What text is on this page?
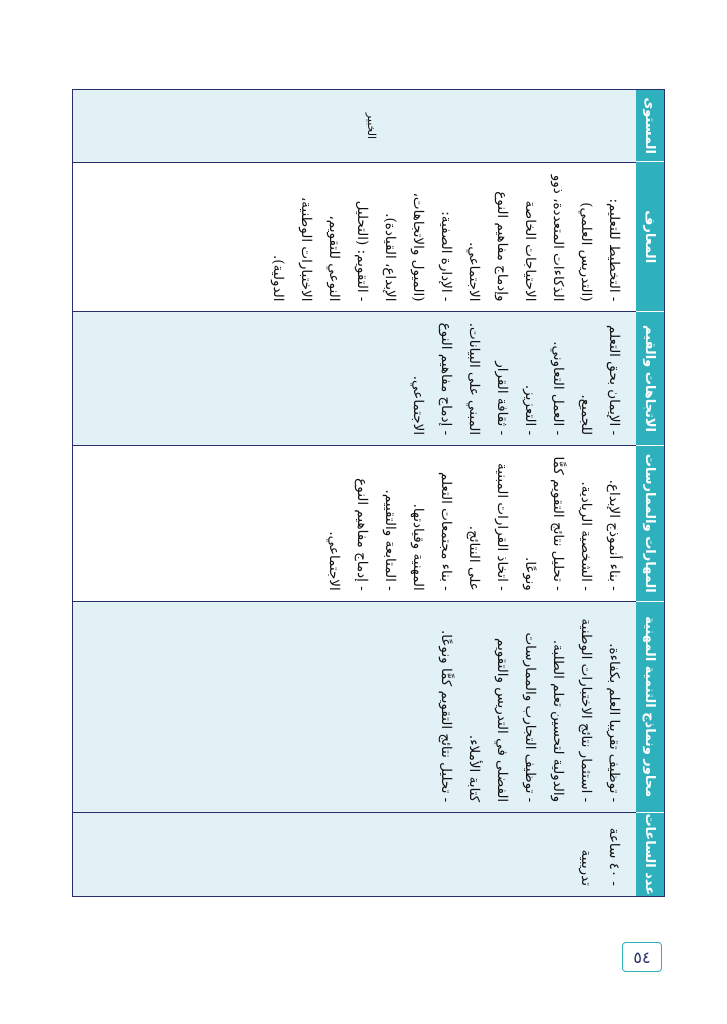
عدد الساعات
محاور ونماذج التنمية المهنية
المهارات والممارسات
الاتجاهات والقيم
المعارف
المستوى
- ٤٠ ساعة تدريبية
- توظيف تقريبا العلم بكفاءة.
- استثمار نتائج الاختبارات الوطنية والدولية لتحسين تعلم الطلبة.
- توظيف التجارب والممارسات الفضلى في التدريس والتقويم كتابة الأملاء.
- تحليل نتائج التقويم كمًّا ونوعًا.
- بناء أنموذج الإبداع.
- الشخصية الريادية.
- تحليل نتائج التقويم كمًّا ونوعًا.
- اتخاذ القرارات المبنية على النتائج.
- بناء مجتمعات التعلم المهنية وقيادتها.
- المتابعة والتقييم.
- إدماج مفاهيم النوع الاجتماعي.
- الإيمان بحق التعلم للجميع.
- العمل التعاوني.
- التعزيز.
- ثقافة القرار المبني على البيانات.
- إدماج مفاهيم النوع الاجتماعي.
- التخطيط للتعليم: (التدريس العلمي) الذكاءات المتعددة، ذوو الاحتياجات الخاصة وإدماج مفاهيم النوع الاجتماعي.
- الإدارة الصفية: (الميول والاتجاهات، الإبداع، القيادة).
- التقويم: (التحليل النوعي للتقويم، الاختبارات الوطنية، الدولية).
الخبير
٥٤
